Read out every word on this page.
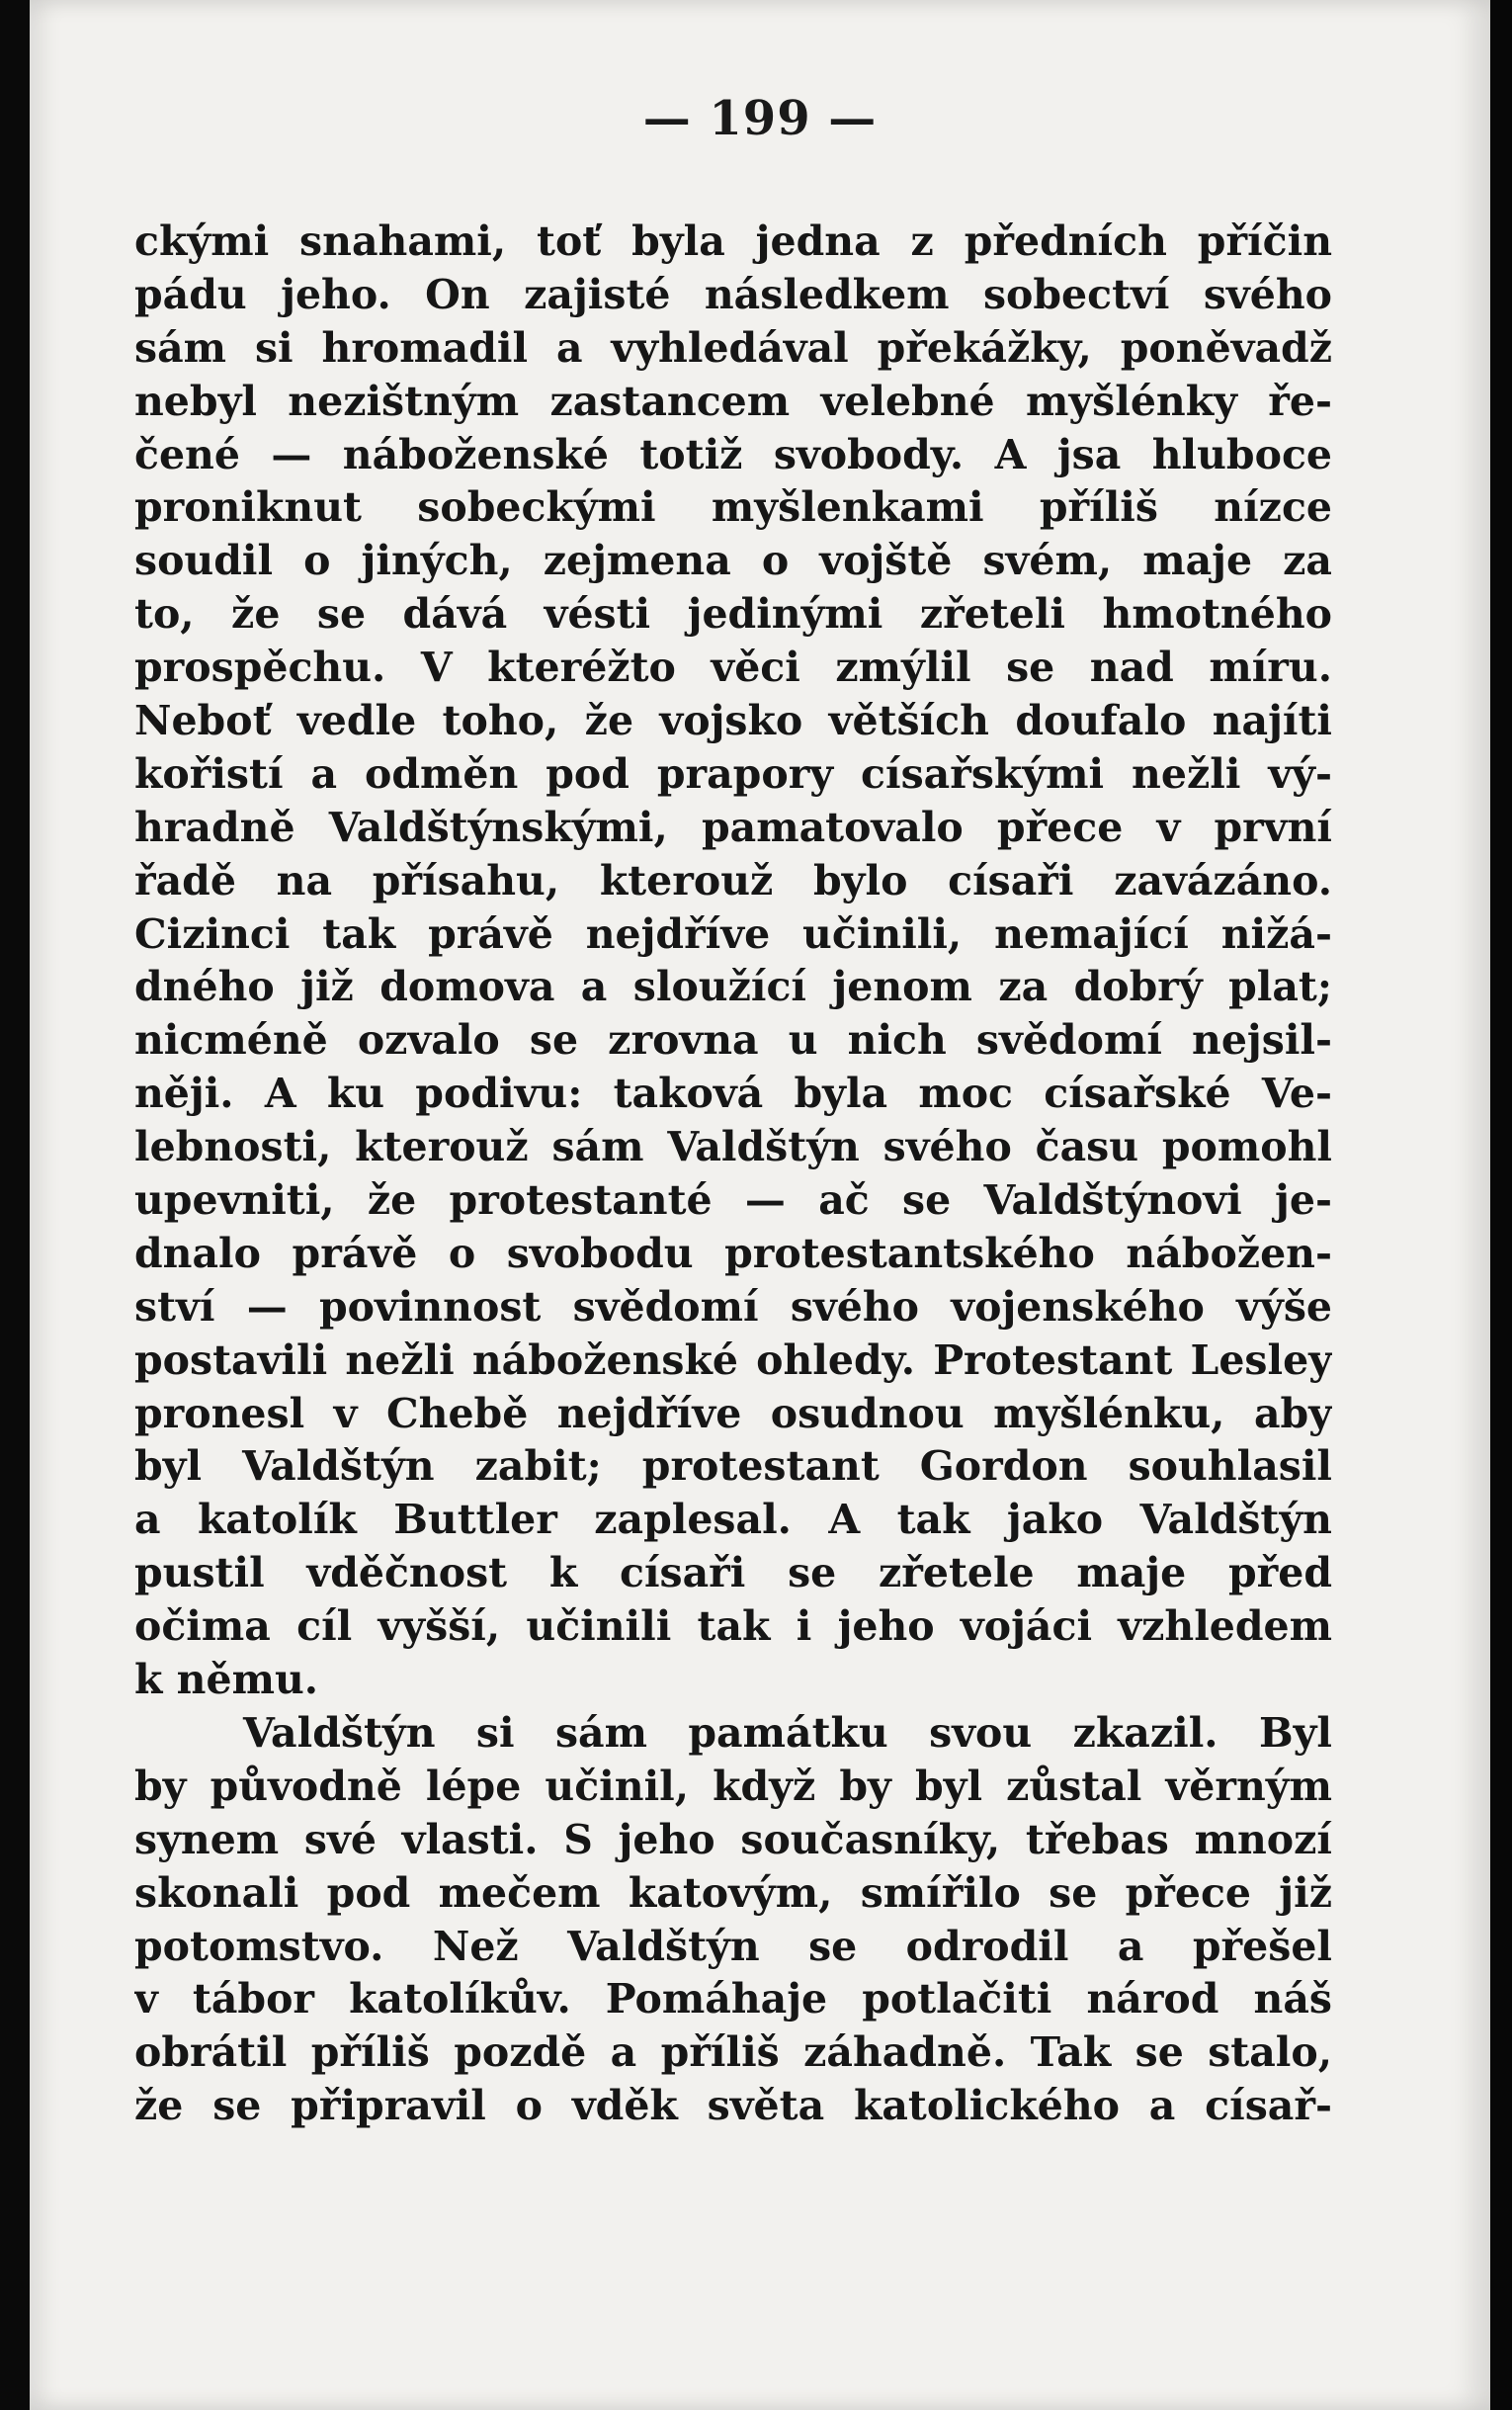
— 199 —
ckými snahami, toť byla jedna z předních příčin
pádu jeho. On zajisté následkem sobectví svého
sám si hromadil a vyhledával překážky, poněvadž
nebyl nezištným zastancem velebné myšlénky ře-
čené — náboženské totiž svobody. A jsa hluboce
proniknut sobeckými myšlenkami příliš nízce
soudil o jiných, zejmena o vojště svém, maje za
to, že se dává vésti jedinými zřeteli hmotného
prospěchu. V kteréžto věci zmýlil se nad míru.
Neboť vedle toho, že vojsko větších doufalo najíti
kořistí a odměn pod prapory císařskými nežli vý-
hradně Valdštýnskými, pamatovalo přece v první
řadě na přísahu, kterouž bylo císaři zavázáno.
Cizinci tak právě nejdříve učinili, nemající nižá-
dného již domova a sloužící jenom za dobrý plat;
nicméně ozvalo se zrovna u nich svědomí nejsil-
něji. A ku podivu: taková byla moc císařské Ve-
lebnosti, kterouž sám Valdštýn svého času pomohl
upevniti, že protestanté — ač se Valdštýnovi je-
dnalo právě o svobodu protestantského nábožen-
ství — povinnost svědomí svého vojenského výše
postavili nežli náboženské ohledy. Protestant Lesley
pronesl v Chebě nejdříve osudnou myšlénku, aby
byl Valdštýn zabit; protestant Gordon souhlasil
a katolík Buttler zaplesal. A tak jako Valdštýn
pustil vděčnost k císaři se zřetele maje před
očima cíl vyšší, učinili tak i jeho vojáci vzhledem
k němu.
Valdštýn si sám památku svou zkazil. Byl
by původně lépe učinil, když by byl zůstal věrným
synem své vlasti. S jeho současníky, třebas mnozí
skonali pod mečem katovým, smířilo se přece již
potomstvo. Než Valdštýn se odrodil a přešel
v tábor katolíkův. Pomáhaje potlačiti národ náš
obrátil příliš pozdě a příliš záhadně. Tak se stalo,
že se připravil o vděk světa katolického a císař-
